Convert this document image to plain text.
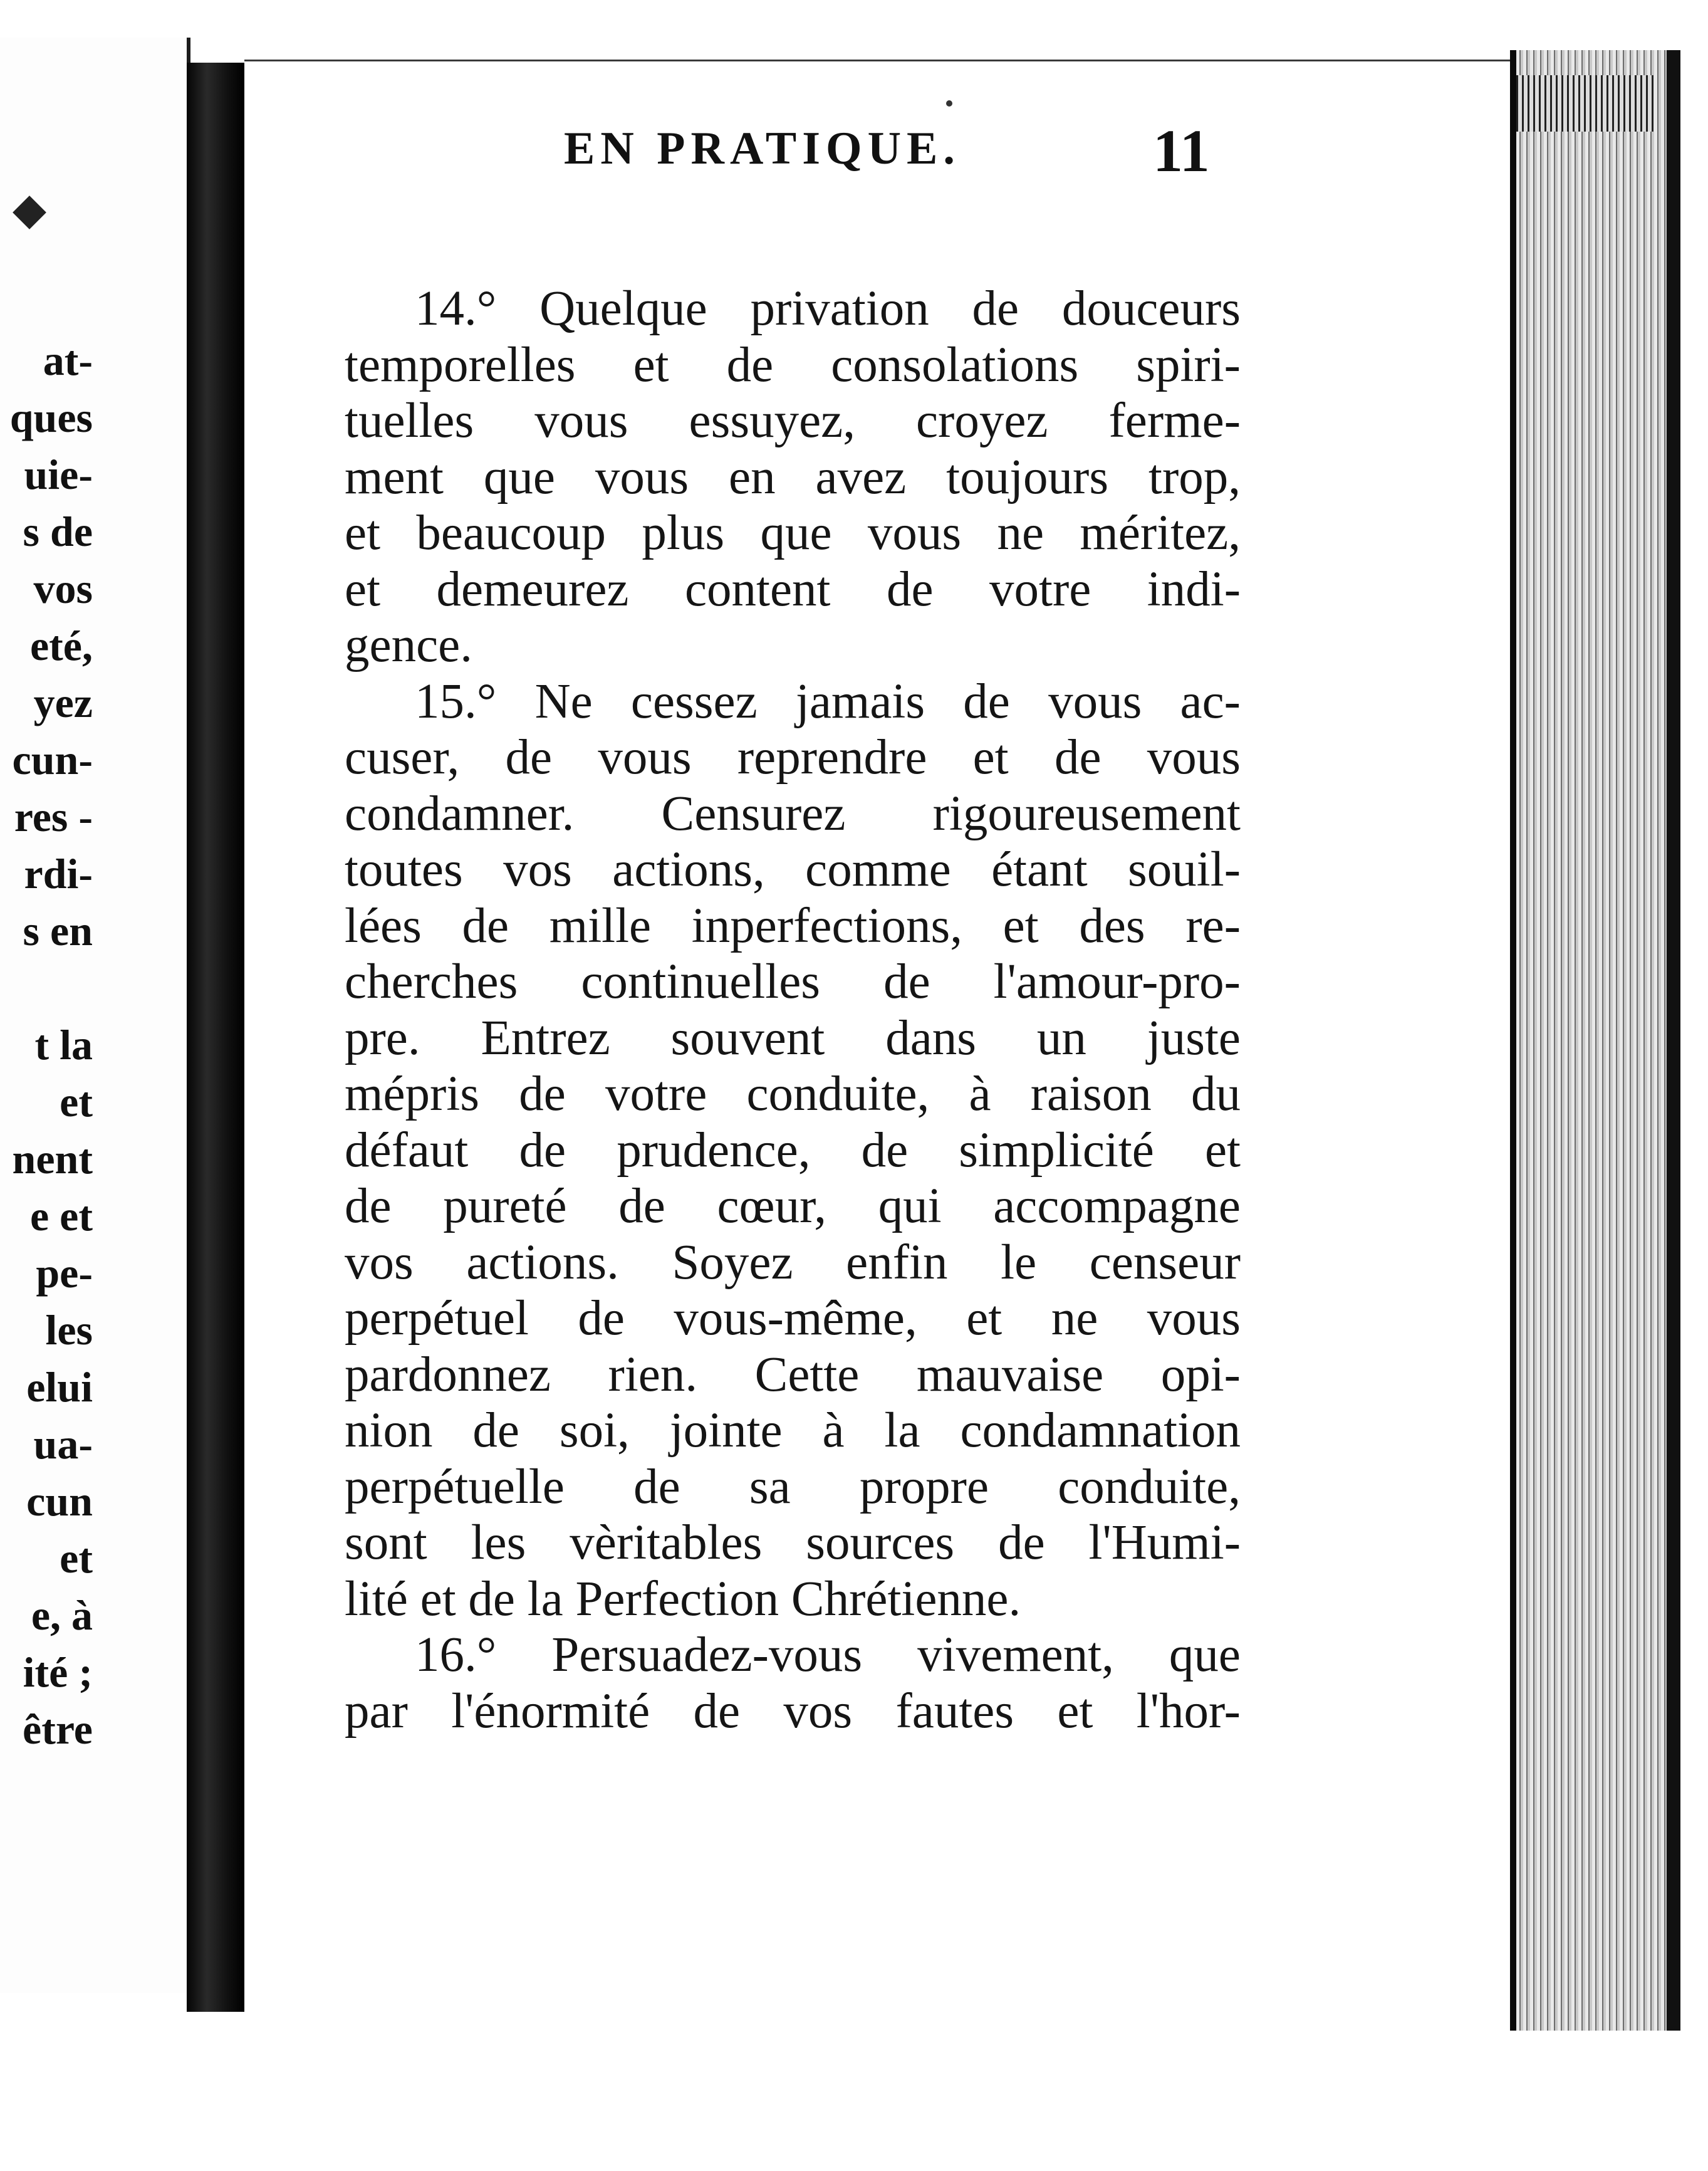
at-
ques
uie-
s de
vos
eté,
yez
cun-
res -
rdi-
s en
t la
et
nent
e et
pe-
les
elui
ua-
cun
et
e, à
ité ;
être
EN PRATIQUE.	11
14.° Quelque privation de douceurs
temporelles et de consolations spiri-
tuelles vous essuyez, croyez ferme-
ment que vous en avez toujours trop,
et beaucoup plus que vous ne méritez,
et demeurez content de votre indi-
gence.
15.° Ne cessez jamais de vous ac-
cuser, de vous reprendre et de vous
condamner. Censurez rigoureusement
toutes vos actions, comme étant souil-
lées de mille inperfections, et des re-
cherches continuelles de l'amour-pro-
pre. Entrez souvent dans un juste
mépris de votre conduite, à raison du
défaut de prudence, de simplicité et
de pureté de cœur, qui accompagne
vos actions. Soyez enfin le censeur
perpétuel de vous-même, et ne vous
pardonnez rien. Cette mauvaise opi-
nion de soi, jointe à la condamnation
perpétuelle de sa propre conduite,
sont les vèritables sources de l'Humi-
lité et de la Perfection Chrétienne.
16.° Persuadez-vous vivement, que
par l'énormité de vos fautes et l'hor-
